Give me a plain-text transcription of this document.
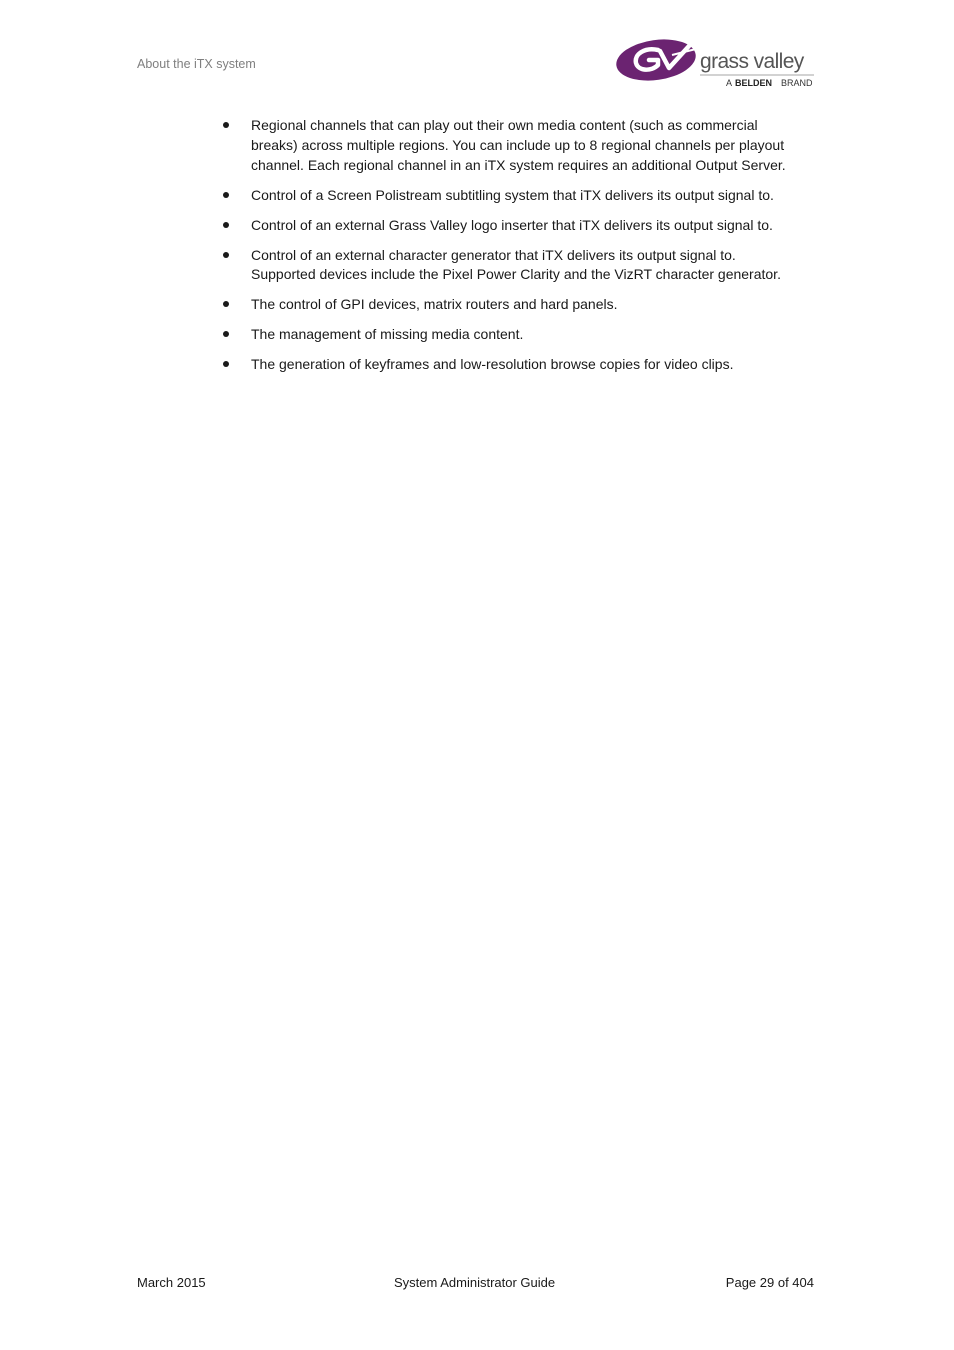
About the iTX system	grass valley
A BELDEN BRAND
Regional channels that can play out their own media content (such as commercial
breaks) across multiple regions. You can include up to 8 regional channels per playout
channel. Each regional channel in an iTX system requires an additional Output Server.
Control of a Screen Polistream subtitling system that iTX delivers its output signal to.
Control of an external Grass Valley logo inserter that iTX delivers its output signal to.
Control of an external character generator that iTX delivers its output signal to.
Supported devices include the Pixel Power Clarity and the VizRT character generator.
The control of GPI devices, matrix routers and hard panels.
The management of missing media content.
The generation of keyframes and low-resolution browse copies for video clips.
March 2015	System Administrator Guide	Page 29 of 404
